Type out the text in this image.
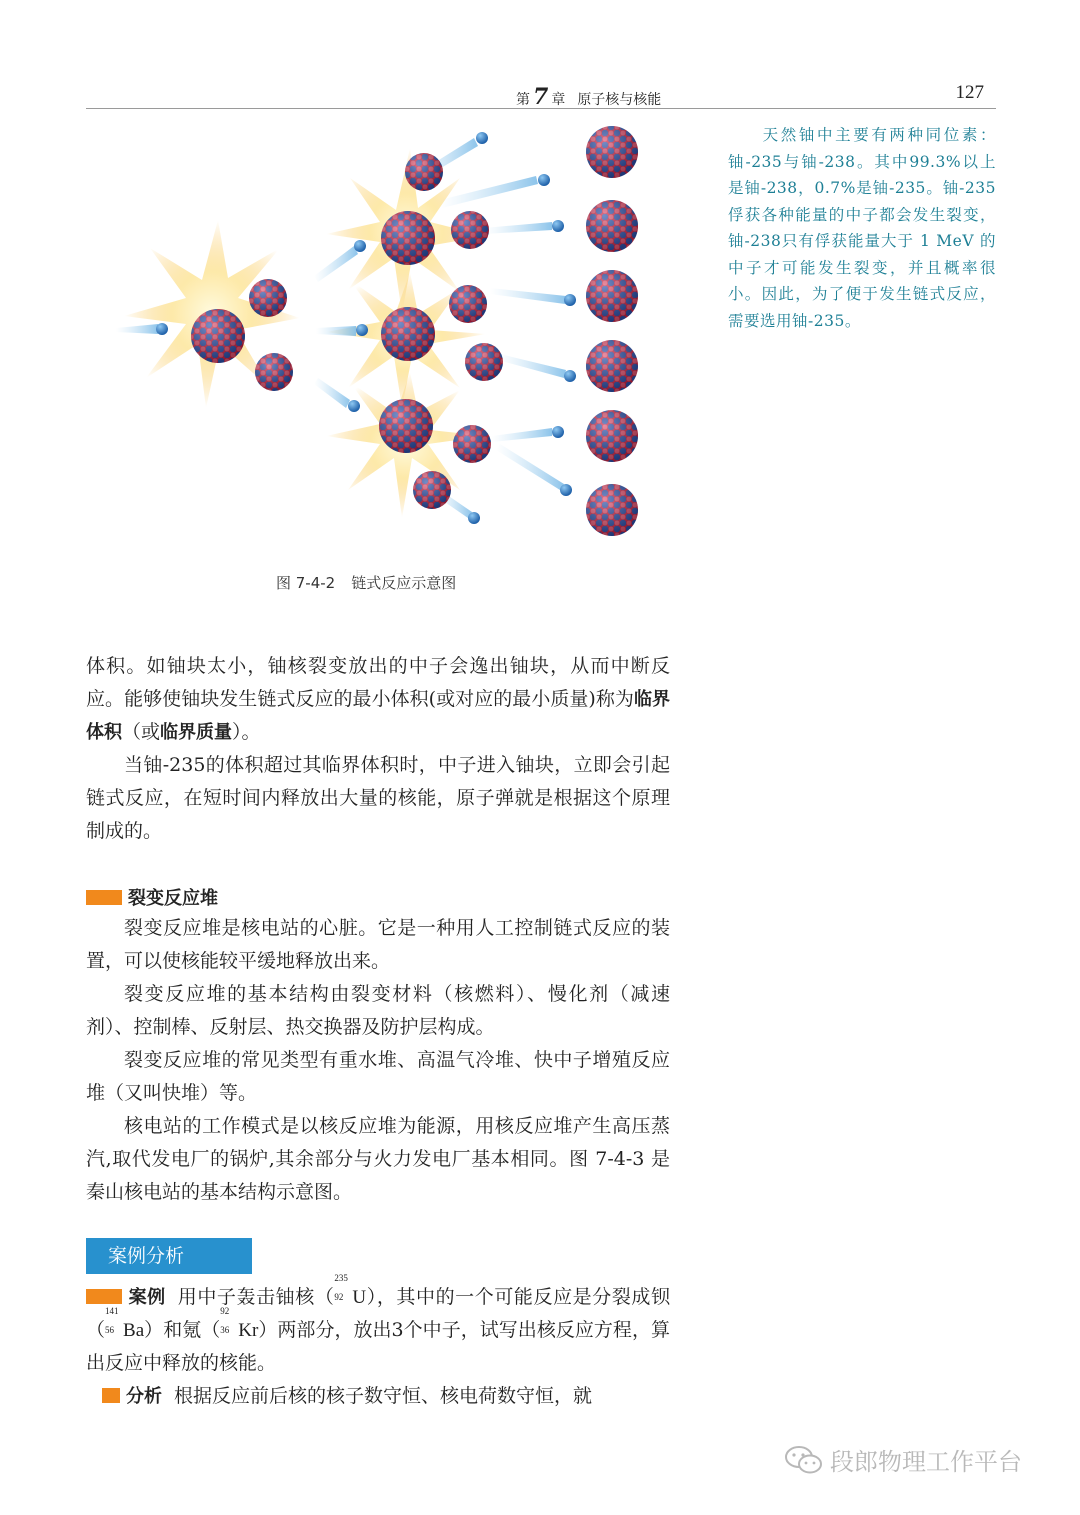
第 7 章 原子核与核能	127
图 7-4-2 链式反应示意图
天然铀中主要有两种同位素：铀-235与铀-238。其中99.3%以上是铀-238，0.7%是铀-235。铀-235俘获各种能量的中子都会发生裂变，铀-238只有俘获能量大于 1 MeV 的中子才可能发生裂变，并且概率很小。因此，为了便于发生链式反应，需要选用铀-235。

体积。如铀块太小，铀核裂变放出的中子会逸出铀块，从而中断反应。能够使铀块发生链式反应的最小体积(或对应的最小质量)称为临界体积（或临界质量）。

当铀-235的体积超过其临界体积时，中子进入铀块，立即会引起链式反应，在短时间内释放出大量的核能，原子弹就是根据这个原理制成的。

裂变反应堆

裂变反应堆是核电站的心脏。它是一种用人工控制链式反应的装置，可以使核能较平缓地释放出来。

裂变反应堆的基本结构由裂变材料（核燃料）、慢化剂（减速剂）、控制棒、反射层、热交换器及防护层构成。

裂变反应堆的常见类型有重水堆、高温气冷堆、快中子增殖反应堆（又叫快堆）等。

核电站的工作模式是以核反应堆为能源，用核反应堆产生高压蒸汽,取代发电厂的锅炉,其余部分与火力发电厂基本相同。图 7-4-3 是秦山核电站的基本结构示意图。

案例分析
案例 用中子轰击铀核（
235
92 U），其中的一个可能反应是分裂成钡（
141
56 Ba）和氪（
92
36 Kr）两部分，放出3个中子，试写出核反应方程，算出反应中释放的核能。
分析 根据反应前后核的核子数守恒、核电荷数守恒，就
段郎物理工作平台
